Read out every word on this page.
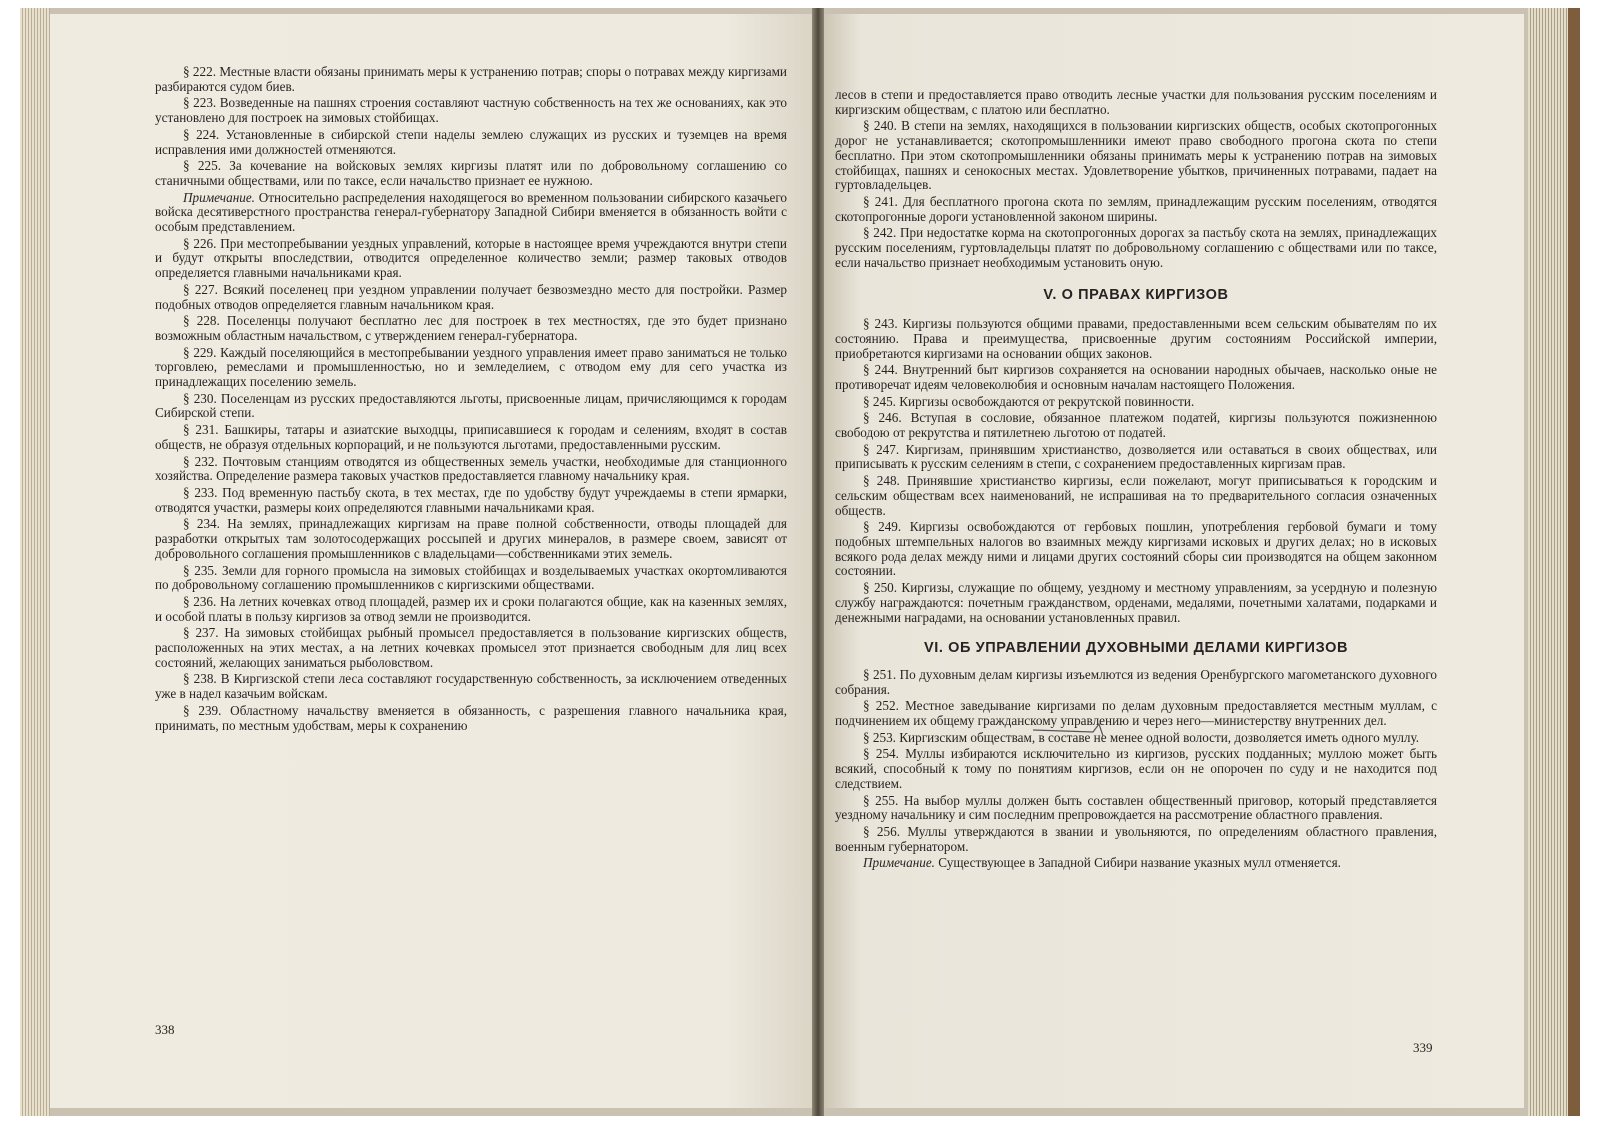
§ 222. Местные власти обязаны принимать меры к устранению потрав; споры о потравах между киргизами разбираются судом биев.

§ 223. Возведенные на пашнях строения составляют частную собственность на тех же основаниях, как это установлено для построек на зимовых стойбищах.

§ 224. Установленные в сибирской степи наделы землею служащих из русских и туземцев на время исправления ими должностей отменяются.

§ 225. За кочевание на войсковых землях киргизы платят или по добровольному соглашению со станичными обществами, или по таксе, если начальство признает ее нужною.

Примечание. Относительно распределения находящегося во временном пользовании сибирского казачьего войска десятиверстного пространства генерал-губернатору Западной Сибири вменяется в обязанность войти с особым представлением.

§ 226. При местопребывании уездных управлений, которые в настоящее время учреждаются внутри степи и будут открыты впоследствии, отводится определенное количество земли; размер таковых отводов определяется главными начальниками края.

§ 227. Всякий поселенец при уездном управлении получает безвозмездно место для постройки. Размер подобных отводов определяется главным начальником края.

§ 228. Поселенцы получают бесплатно лес для построек в тех местностях, где это будет признано возможным областным начальством, с утверждением генерал-губернатора.

§ 229. Каждый поселяющийся в местопребывании уездного управления имеет право заниматься не только торговлею, ремеслами и промышленностью, но и земледелием, с отводом ему для сего участка из принадлежащих поселению земель.

§ 230. Поселенцам из русских предоставляются льготы, присвоенные лицам, причисляющимся к городам Сибирской степи.

§ 231. Башкиры, татары и азиатские выходцы, приписавшиеся к городам и селениям, входят в состав обществ, не образуя отдельных корпораций, и не пользуются льготами, предоставленными русским.

§ 232. Почтовым станциям отводятся из общественных земель участки, необходимые для станционного хозяйства. Определение размера таковых участков предоставляется главному начальнику края.

§ 233. Под временную пастьбу скота, в тех местах, где по удобству будут учреждаемы в степи ярмарки, отводятся участки, размеры коих определяются главными начальниками края.

§ 234. На землях, принадлежащих киргизам на праве полной собственности, отводы площадей для разработки открытых там золотосодержащих россыпей и других минералов, в размере своем, зависят от добровольного соглашения промышленников с владельцами—собственниками этих земель.

§ 235. Земли для горного промысла на зимовых стойбищах и возделываемых участках окортомливаются по добровольному соглашению промышленников с киргизскими обществами.

§ 236. На летних кочевках отвод площадей, размер их и сроки полагаются общие, как на казенных землях, и особой платы в пользу киргизов за отвод земли не производится.

§ 237. На зимовых стойбищах рыбный промысел предоставляется в пользование киргизских обществ, расположенных на этих местах, а на летних кочевках промысел этот признается свободным для лиц всех состояний, желающих заниматься рыболовством.

§ 238. В Киргизской степи леса составляют государственную собственность, за исключением отведенных уже в надел казачьим войскам.

§ 239. Областному начальству вменяется в обязанность, с разрешения главного начальника края, принимать, по местным удобствам, меры к сохранению

338

лесов в степи и предоставляется право отводить лесные участки для пользования русским поселениям и киргизским обществам, с платою или бесплатно.

§ 240. В степи на землях, находящихся в пользовании киргизских обществ, особых скотопрогонных дорог не устанавливается; скотопромышленники имеют право свободного прогона скота по степи бесплатно. При этом скотопромышленники обязаны принимать меры к устранению потрав на зимовых стойбищах, пашнях и сенокосных местах. Удовлетворение убытков, причиненных потравами, падает на гуртовладельцев.

§ 241. Для бесплатного прогона скота по землям, принадлежащим русским поселениям, отводятся скотопрогонные дороги установленной законом ширины.

§ 242. При недостатке корма на скотопрогонных дорогах за пастьбу скота на землях, принадлежащих русским поселениям, гуртовладельцы платят по добровольному соглашению с обществами или по таксе, если начальство признает необходимым установить оную.

V. О ПРАВАХ КИРГИЗОВ

§ 243. Киргизы пользуются общими правами, предоставленными всем сельским обывателям по их состоянию. Права и преимущества, присвоенные другим состояниям Российской империи, приобретаются киргизами на основании общих законов.

§ 244. Внутренний быт киргизов сохраняется на основании народных обычаев, насколько оные не противоречат идеям человеколюбия и основным началам настоящего Положения.

§ 245. Киргизы освобождаются от рекрутской повинности.

§ 246. Вступая в сословие, обязанное платежом податей, киргизы пользуются пожизненною свободою от рекрутства и пятилетнею льготою от податей.

§ 247. Киргизам, принявшим христианство, дозволяется или оставаться в своих обществах, или приписывать к русским селениям в степи, с сохранением предоставленных киргизам прав.

§ 248. Принявшие христианство киргизы, если пожелают, могут приписываться к городским и сельским обществам всех наименований, не испрашивая на то предварительного согласия означенных обществ.

§ 249. Киргизы освобождаются от гербовых пошлин, употребления гербовой бумаги и тому подобных штемпельных налогов во взаимных между киргизами исковых и других делах; но в исковых всякого рода делах между ними и лицами других состояний сборы сии производятся на общем законном состоянии.

§ 250. Киргизы, служащие по общему, уездному и местному управлениям, за усердную и полезную службу награждаются: почетным гражданством, орденами, медалями, почетными халатами, подарками и денежными наградами, на основании установленных правил.

VI. ОБ УПРАВЛЕНИИ ДУХОВНЫМИ ДЕЛАМИ КИРГИЗОВ

§ 251. По духовным делам киргизы изъемлются из ведения Оренбургского магометанского духовного собрания.

§ 252. Местное заведывание киргизами по делам духовным предоставляется местным муллам, с подчинением их общему гражданскому управлению и через него—министерству внутренних дел.

§ 253. Киргизским обществам, в составе не менее одной волости, дозволяется иметь одного муллу.

§ 254. Муллы избираются исключительно из киргизов, русских подданных; муллою может быть всякий, способный к тому по понятиям киргизов, если он не опорочен по суду и не находится под следствием.

§ 255. На выбор муллы должен быть составлен общественный приговор, который представляется уездному начальнику и сим последним препровождается на рассмотрение областного правления.

§ 256. Муллы утверждаются в звании и увольняются, по определениям областного правления, военным губернатором.

Примечание. Существующее в Западной Сибири название указных мулл отменяется.

339
